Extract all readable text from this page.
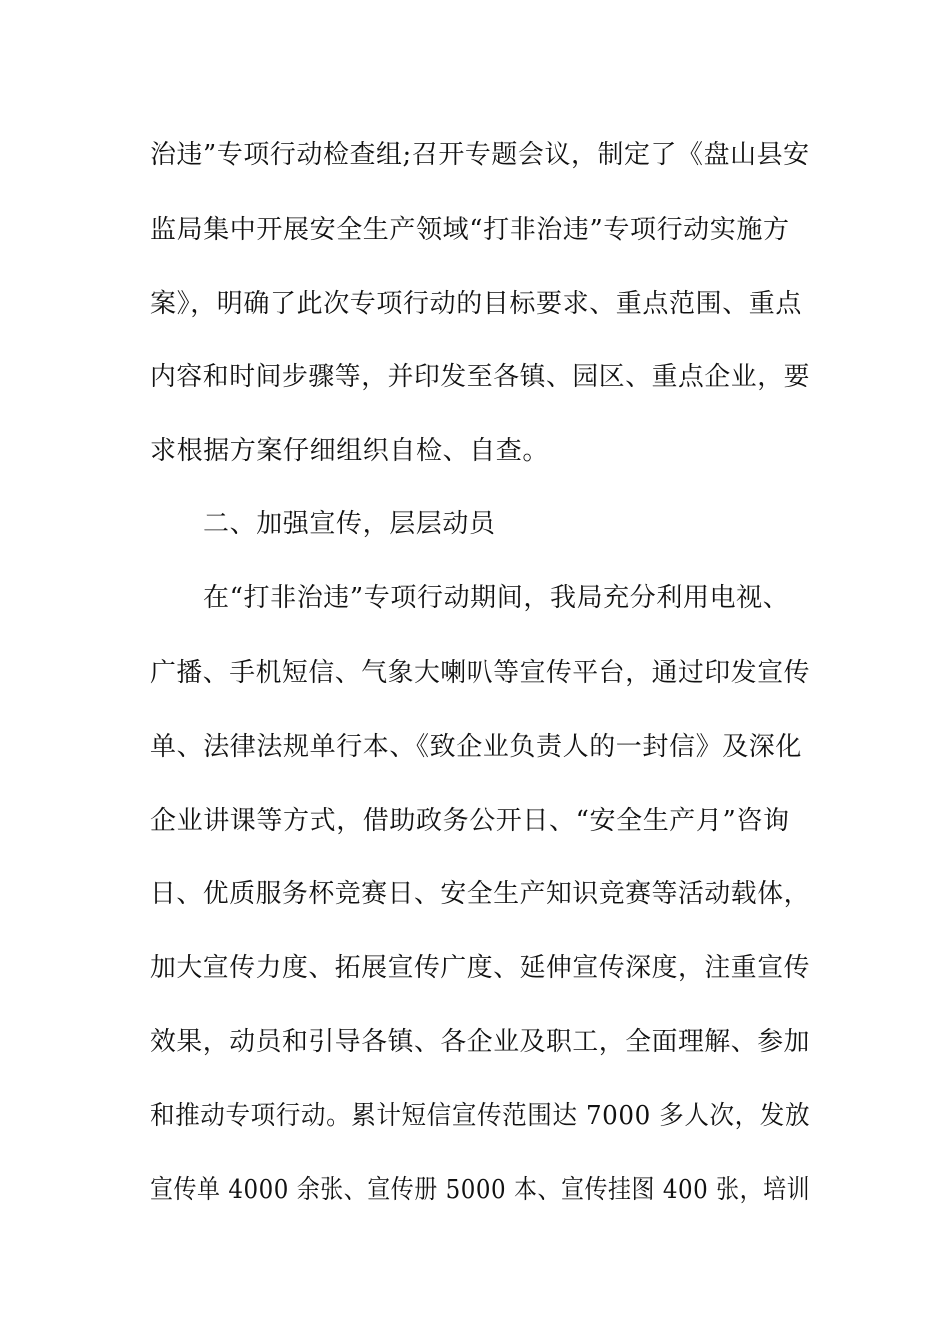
治违”专项行动检查组;召开专题会议，制定了《盘山县安
监局集中开展安全生产领域“打非治违”专项行动实施方
案》，明确了此次专项行动的目标要求、重点范围、重点
内容和时间步骤等，并印发至各镇、园区、重点企业，要
求根据方案仔细组织自检、自查。
二、加强宣传，层层动员
在“打非治违”专项行动期间，我局充分利用电视、
广播、手机短信、气象大喇叭等宣传平台，通过印发宣传
单、法律法规单行本、《致企业负责人的一封信》及深化
企业讲课等方式，借助政务公开日、“安全生产月”咨询
日、优质服务杯竞赛日、安全生产知识竞赛等活动载体，
加大宣传力度、拓展宣传广度、延伸宣传深度，注重宣传
效果，动员和引导各镇、各企业及职工，全面理解、参加
和推动专项行动。累计短信宣传范围达 7000 多人次，发放
宣传单 4000 余张、宣传册 5000 本、宣传挂图 400 张，培训
